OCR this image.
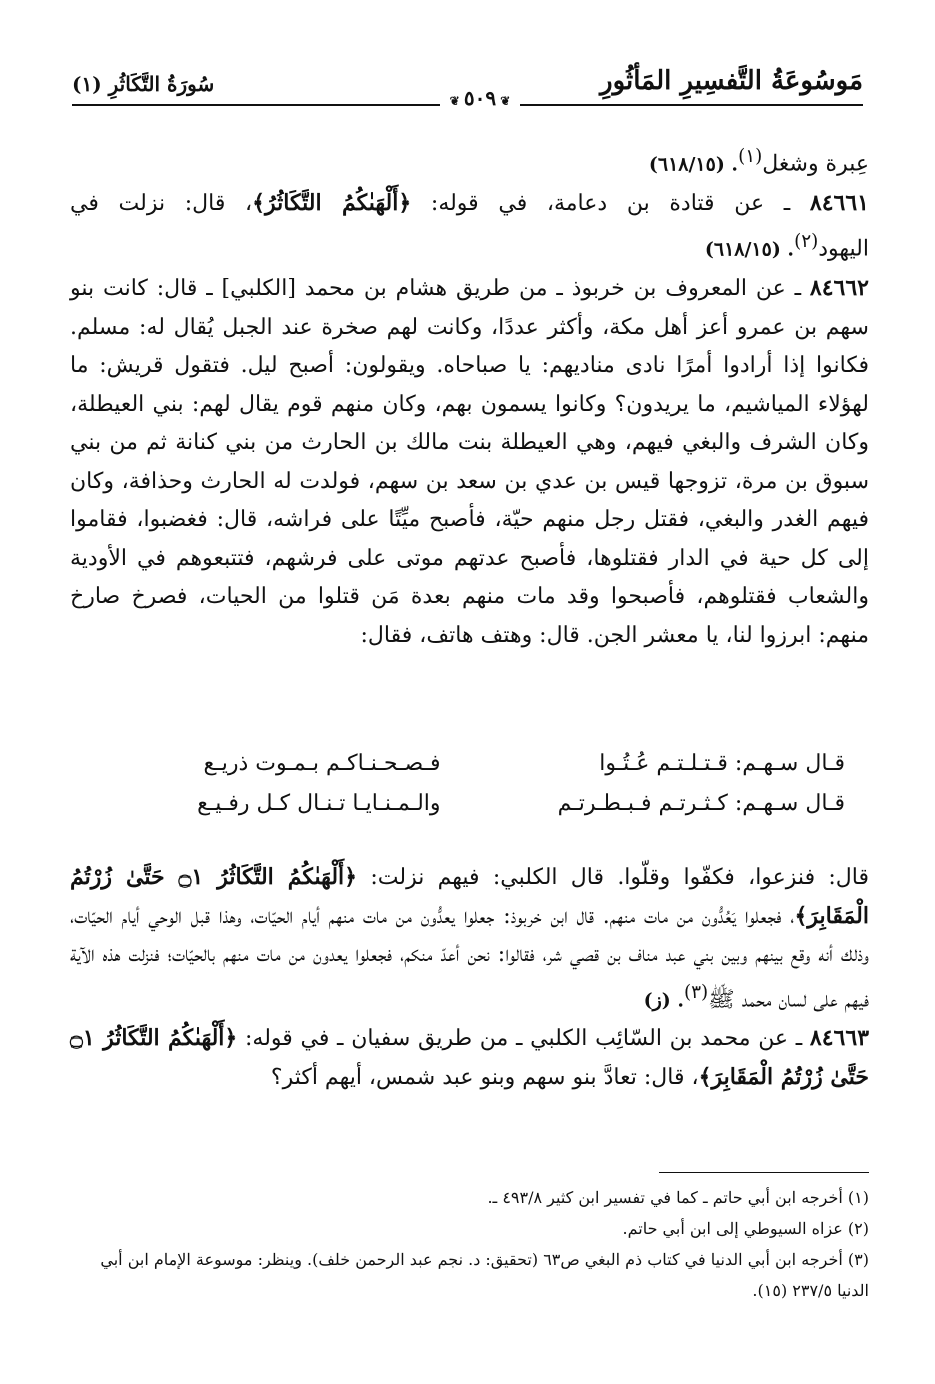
مَوسُوعَةُ التَّفسِيرِ المَأثُورِ
سُورَةُ التَّكَاثُرِ (١)
❦ ٥٠٩ ❦

عِبرة وشغل$^{(١)}$. (٦١٨/١٥)

٨٤٦٦١ ـ عن قتادة بن دعامة، في قوله: ﴿أَلْهَىٰكُمُ التَّكَاثُرُ﴾، قال: نزلت في اليهود$^{(٢)}$. (٦١٨/١٥)

٨٤٦٦٢ ـ عن المعروف بن خربوذ ـ من طريق هشام بن محمد [الكلبي] ـ قال: كانت بنو سهم بن عمرو أعز أهل مكة، وأكثر عددًا، وكانت لهم صخرة عند الجبل يُقال له: مسلم. فكانوا إذا أرادوا أمرًا نادى مناديهم: يا صباحاه. ويقولون: أصبح ليل. فتقول قريش: ما لهؤلاء المياشيم، ما يريدون؟ وكانوا يسمون بهم، وكان منهم قوم يقال لهم: بني العيطلة، وكان الشرف والبغي فيهم، وهي العيطلة بنت مالك بن الحارث من بني كنانة ثم من بني سبوق بن مرة، تزوجها قيس بن عدي بن سعد بن سهم، فولدت له الحارث وحذافة، وكان فيهم الغدر والبغي، فقتل رجل منهم حيّة، فأصبح ميِّتًا على فراشه، قال: فغضبوا، فقاموا إلى كل حية في الدار فقتلوها، فأصبح عدتهم موتى على فرشهم، فتتبعوهم في الأودية والشعاب فقتلوهم، فأصبحوا وقد مات منهم بعدة مَن قتلوا من الحيات، فصرخ صارخ منهم: ابرزوا لنا، يا معشر الجن. قال: وهتف هاتف، فقال:

قـال سـهـم: قـتـلـتـم عُـتُـوا
فـصـحـنـاكـم بـمـوت ذريـع
قـال سـهـم: كـثـرتـم فـبـطـرتـم
والـمـنـايـا تـنـال كـل رفـيـع

قال: فنزعوا، فكفّوا وقلّوا. قال الكلبي: فيهم نزلت: ﴿أَلْهَىٰكُمُ التَّكَاثُرُ ۝١ حَتَّىٰ زُرْتُمُ الْمَقَابِرَ﴾، فجعلوا يَعُدُّون من مات منهم. قال ابن خربوذ: جعلوا يعدُّون من مات منهم أيام الحيّات، وهذا قبل الوحي أيام الحيّات، وذلك أنه وقع بينهم وبين بني عبد مناف بن قصي شر، فقالوا: نحن أعدّ منكم، فجعلوا يعدون من مات منهم بالحيّات؛ فنزلت هذه الآية فيهم على لسان محمد ﷺ$^{(٣)}$. (ز)

٨٤٦٦٣ ـ عن محمد بن السّائِب الكلبي ـ من طريق سفيان ـ في قوله: ﴿أَلْهَىٰكُمُ التَّكَاثُرُ ۝١ حَتَّىٰ زُرْتُمُ الْمَقَابِرَ﴾، قال: تعادَّ بنو سهم وبنو عبد شمس، أيهم أكثر؟

(١) أخرجه ابن أبي حاتم ـ كما في تفسير ابن كثير ٤٩٣/٨ ـ.

(٢) عزاه السيوطي إلى ابن أبي حاتم.

(٣) أخرجه ابن أبي الدنيا في كتاب ذم البغي ص٦٣ (تحقيق: د. نجم عبد الرحمن خلف). وينظر: موسوعة الإمام ابن أبي الدنيا ٢٣٧/٥ (١٥).
